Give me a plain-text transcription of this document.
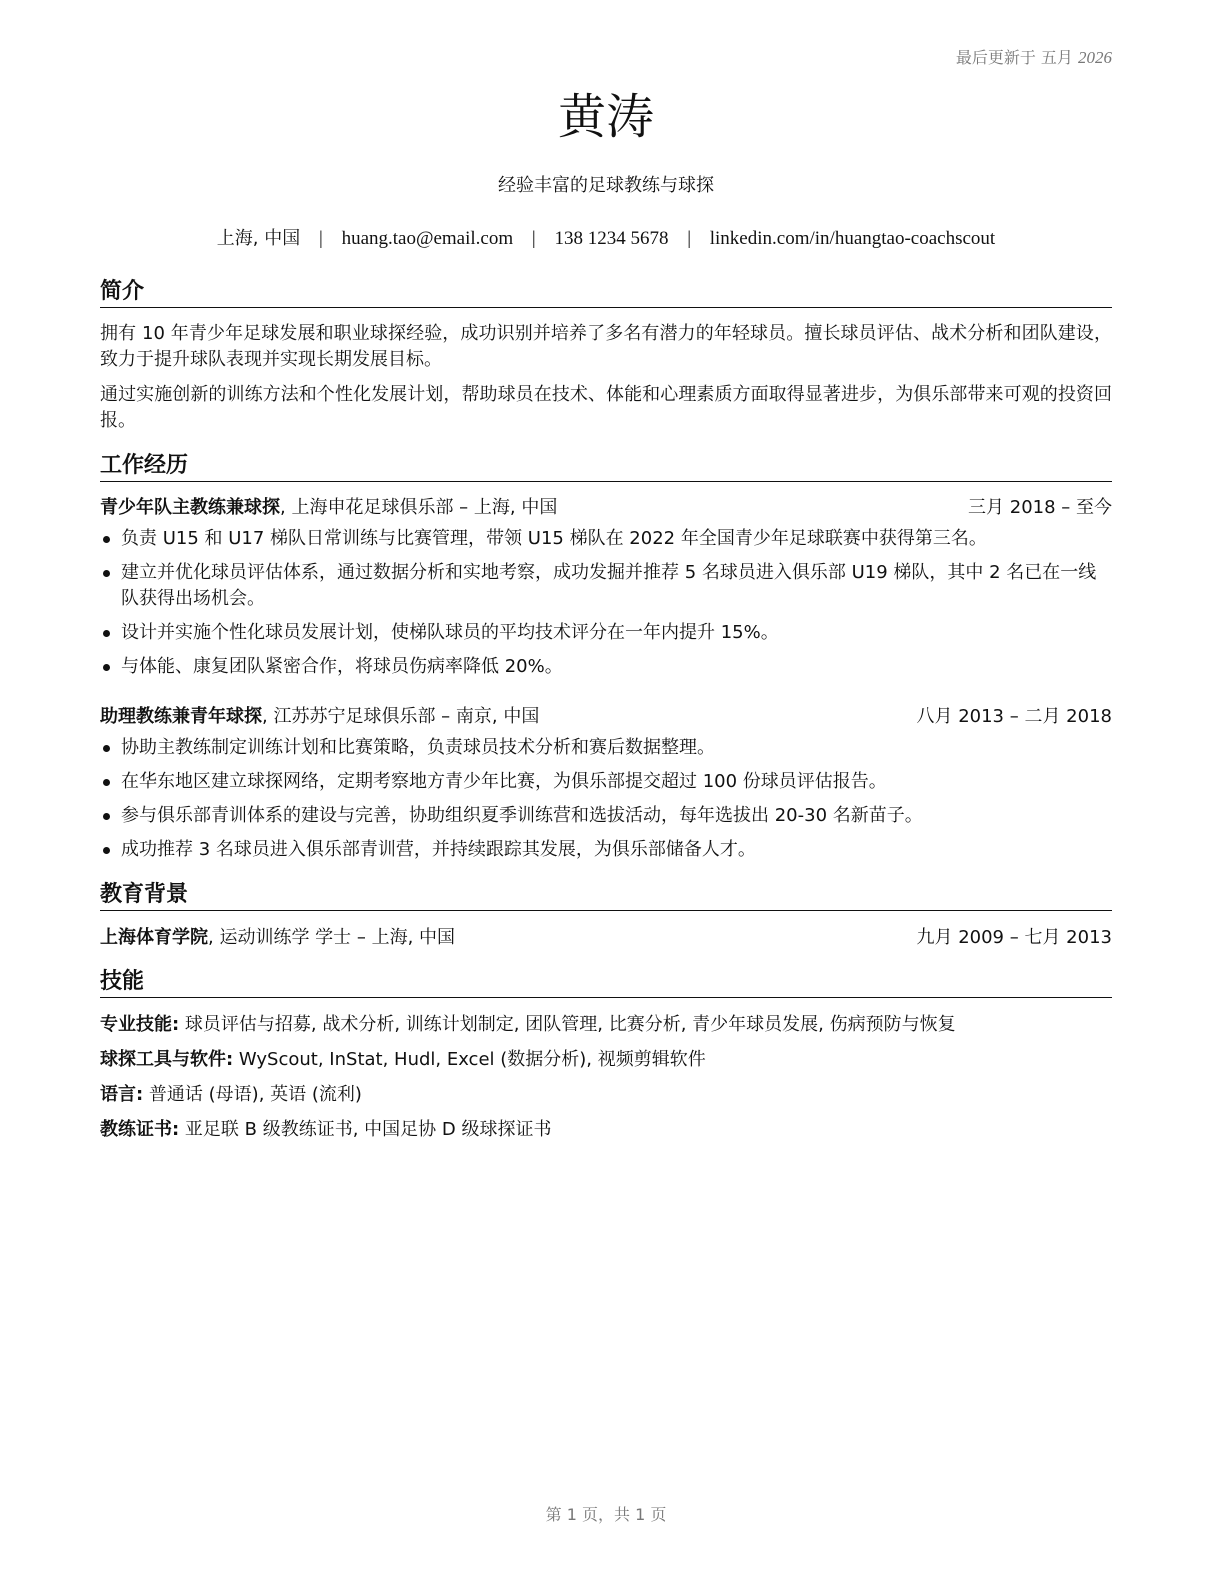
最后更新于 五月 2026
黄涛
经验丰富的足球教练与球探
上海, 中国 | huang.tao@email.com | 138 1234 5678 | linkedin.com/in/huangtao-coachscout
简介
拥有 10 年青少年足球发展和职业球探经验，成功识别并培养了多名有潜力的年轻球员。擅长球员评估、战术分析和团队建设，致力于提升球队表现并实现长期发展目标。
通过实施创新的训练方法和个性化发展计划，帮助球员在技术、体能和心理素质方面取得显著进步，为俱乐部带来可观的投资回报。
工作经历
青少年队主教练兼球探, 上海申花足球俱乐部 – 上海, 中国	三月 2018 – 至今
负责 U15 和 U17 梯队日常训练与比赛管理，带领 U15 梯队在 2022 年全国青少年足球联赛中获得第三名。
建立并优化球员评估体系，通过数据分析和实地考察，成功发掘并推荐 5 名球员进入俱乐部 U19 梯队，其中 2 名已在一线队获得出场机会。
设计并实施个性化球员发展计划，使梯队球员的平均技术评分在一年内提升 15%。
与体能、康复团队紧密合作，将球员伤病率降低 20%。
助理教练兼青年球探, 江苏苏宁足球俱乐部 – 南京, 中国	八月 2013 – 二月 2018
协助主教练制定训练计划和比赛策略，负责球员技术分析和赛后数据整理。
在华东地区建立球探网络，定期考察地方青少年比赛，为俱乐部提交超过 100 份球员评估报告。
参与俱乐部青训体系的建设与完善，协助组织夏季训练营和选拔活动，每年选拔出 20-30 名新苗子。
成功推荐 3 名球员进入俱乐部青训营，并持续跟踪其发展，为俱乐部储备人才。
教育背景
上海体育学院, 运动训练学 学士 – 上海, 中国	九月 2009 – 七月 2013
技能
专业技能: 球员评估与招募, 战术分析, 训练计划制定, 团队管理, 比赛分析, 青少年球员发展, 伤病预防与恢复
球探工具与软件: WyScout, InStat, Hudl, Excel (数据分析), 视频剪辑软件
语言: 普通话 (母语), 英语 (流利)
教练证书: 亚足联 B 级教练证书, 中国足协 D 级球探证书
第 1 页，共 1 页
